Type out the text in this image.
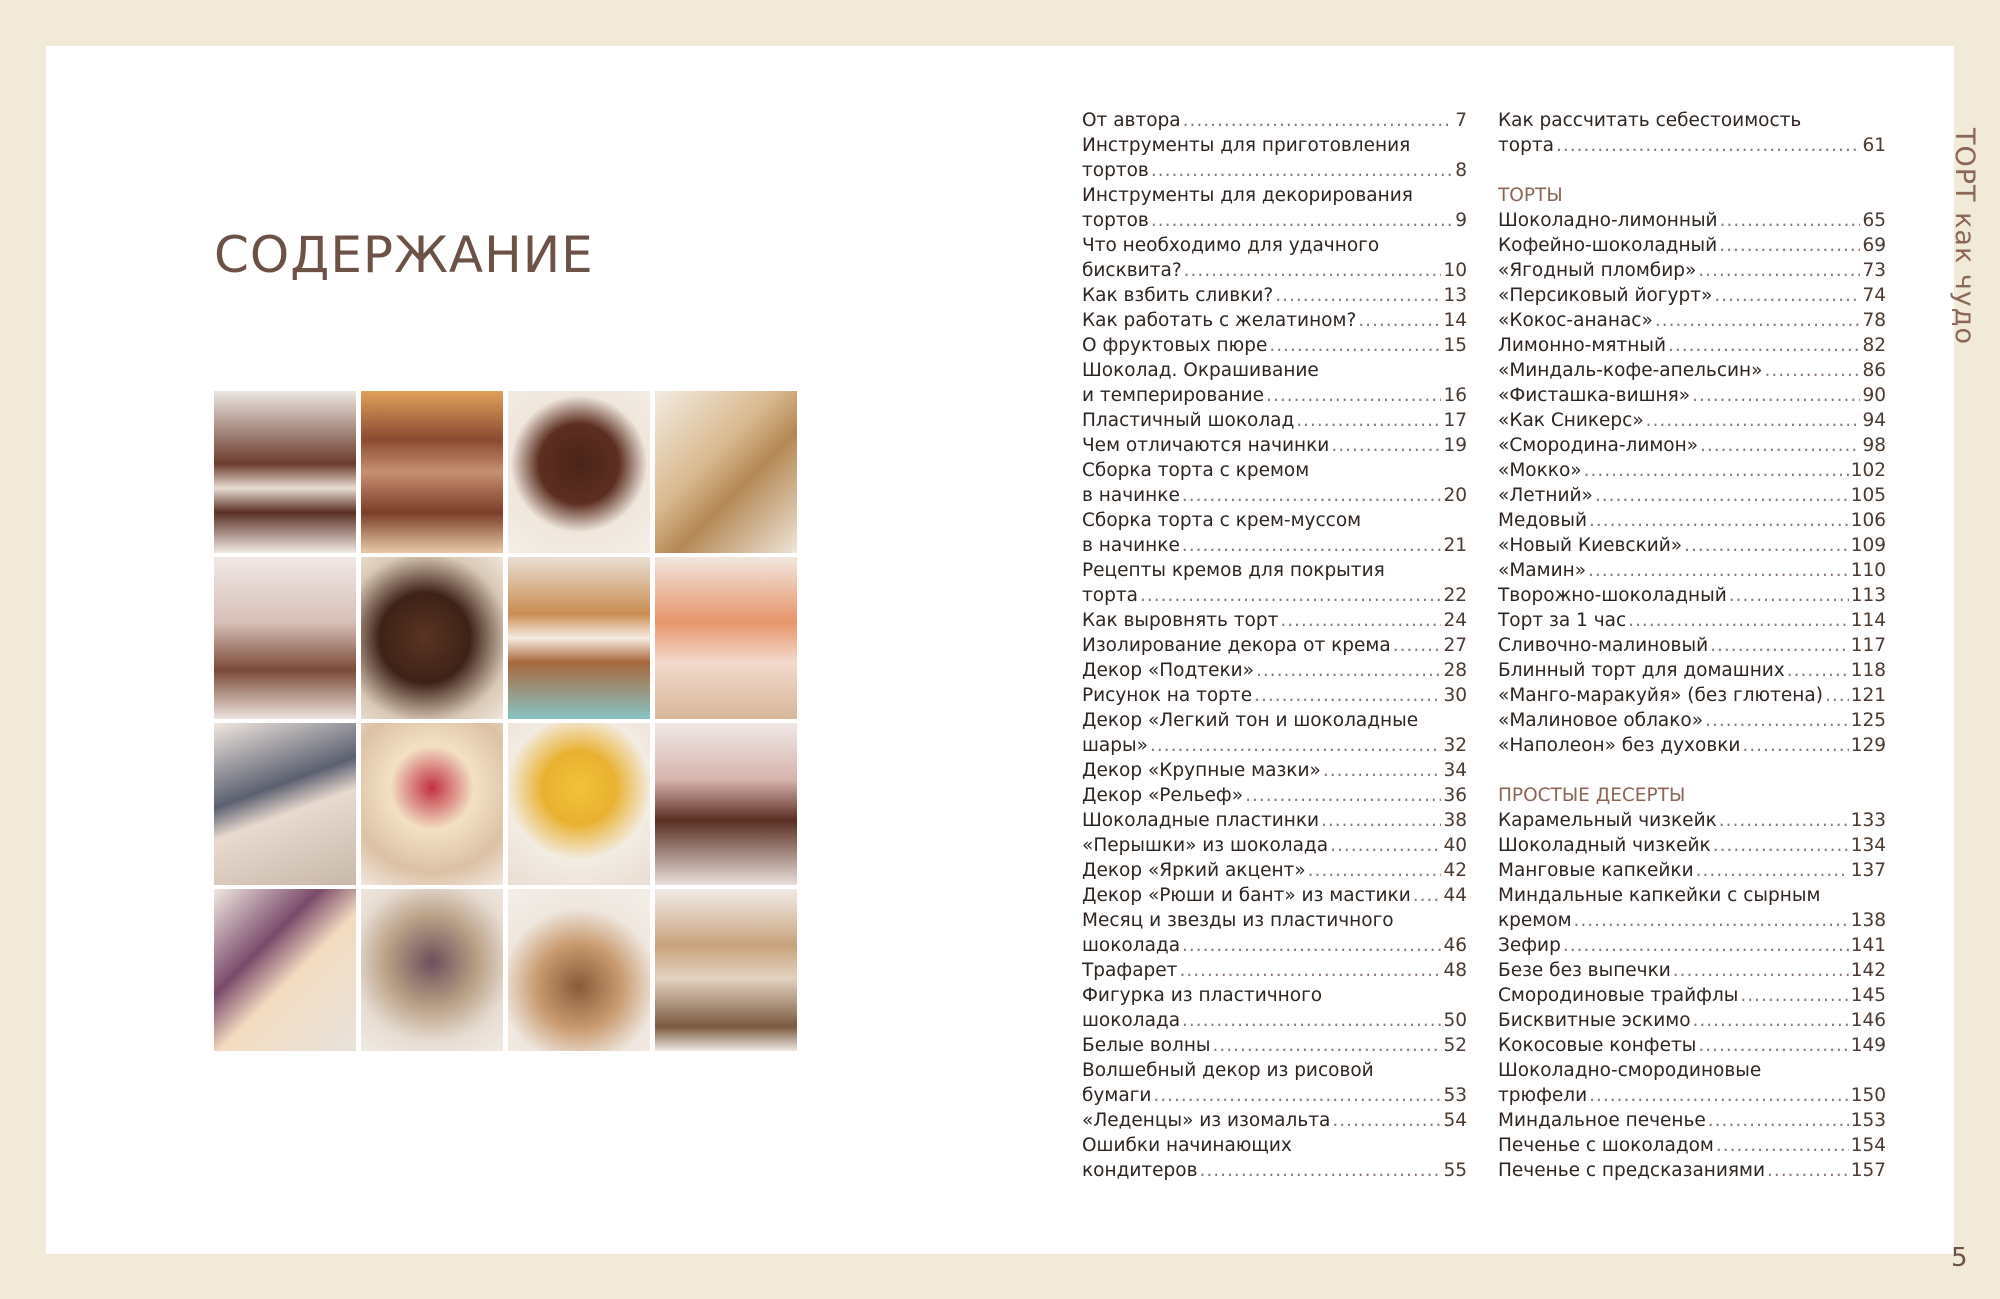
СОДЕРЖАНИЕ
От автора .....	7
Инструменты для приготовления
тортов .....	8
Инструменты для декорирования
тортов .....	9
Что необходимо для удачного
бисквита? .....	10
Как взбить сливки? .....	13
Как работать с желатином? .....	14
О фруктовых пюре .....	15
Шоколад. Окрашивание
и темперирование .....	16
Пластичный шоколад .....	17
Чем отличаются начинки .....	19
Сборка торта с кремом
в начинке .....	20
Сборка торта с крем-муссом
в начинке .....	21
Рецепты кремов для покрытия
торта .....	22
Как выровнять торт .....	24
Изолирование декора от крема .....	27
Декор «Подтеки» .....	28
Рисунок на торте .....	30
Декор «Легкий тон и шоколадные
шары» .....	32
Декор «Крупные мазки» .....	34
Декор «Рельеф» .....	36
Шоколадные пластинки .....	38
«Перышки» из шоколада .....	40
Декор «Яркий акцент» .....	42
Декор «Рюши и бант» из мастики ..... 44
Месяц и звезды из пластичного
шоколада .....	46
Трафарет .....	48
Фигурка из пластичного
шоколада .....	50
Белые волны .....	52
Волшебный декор из рисовой
бумаги .....	53
«Леденцы» из изомальта .....	54
Ошибки начинающих
кондитеров .....	55
Как рассчитать себестоимость
торта .....	61
ТОРТЫ
Шоколадно-лимонный .....	65
Кофейно-шоколадный .....	69
«Ягодный пломбир» .....	73
«Персиковый йогурт» .....	74
«Кокос-ананас» .....	78
Лимонно-мятный .....	82
«Миндаль-кофе-апельсин» .....	86
«Фисташка-вишня» .....	90
«Как Сникерс» .....	94
«Смородина-лимон» .....	98
«Мокко» .....	102
«Летний» .....	105
Медовый .....	106
«Новый Киевский» .....	109
«Мамин» .....	110
Творожно-шоколадный .....	113
Торт за 1 час .....	114
Сливочно-малиновый .....	117
Блинный торт для домашних .....	118
«Манго-маракуйя» (без глютена) ..... 121
«Малиновое облако» .....	125
«Наполеон» без духовки .....	129
ПРОСТЫЕ ДЕСЕРТЫ
Карамельный чизкейк .....	133
Шоколадный чизкейк .....	134
Манговые капкейки .....	137
Миндальные капкейки с сырным
кремом .....	138
Зефир .....	141
Безе без выпечки .....	142
Смородиновые трайфлы .....	145
Бисквитные эскимо .....	146
Кокосовые конфеты .....	149
Шоколадно-смородиновые
трюфели .....	150
Миндальное печенье .....	153
Печенье с шоколадом .....	154
Печенье с предсказаниями .....	157
ТОРТ как чудо
5
